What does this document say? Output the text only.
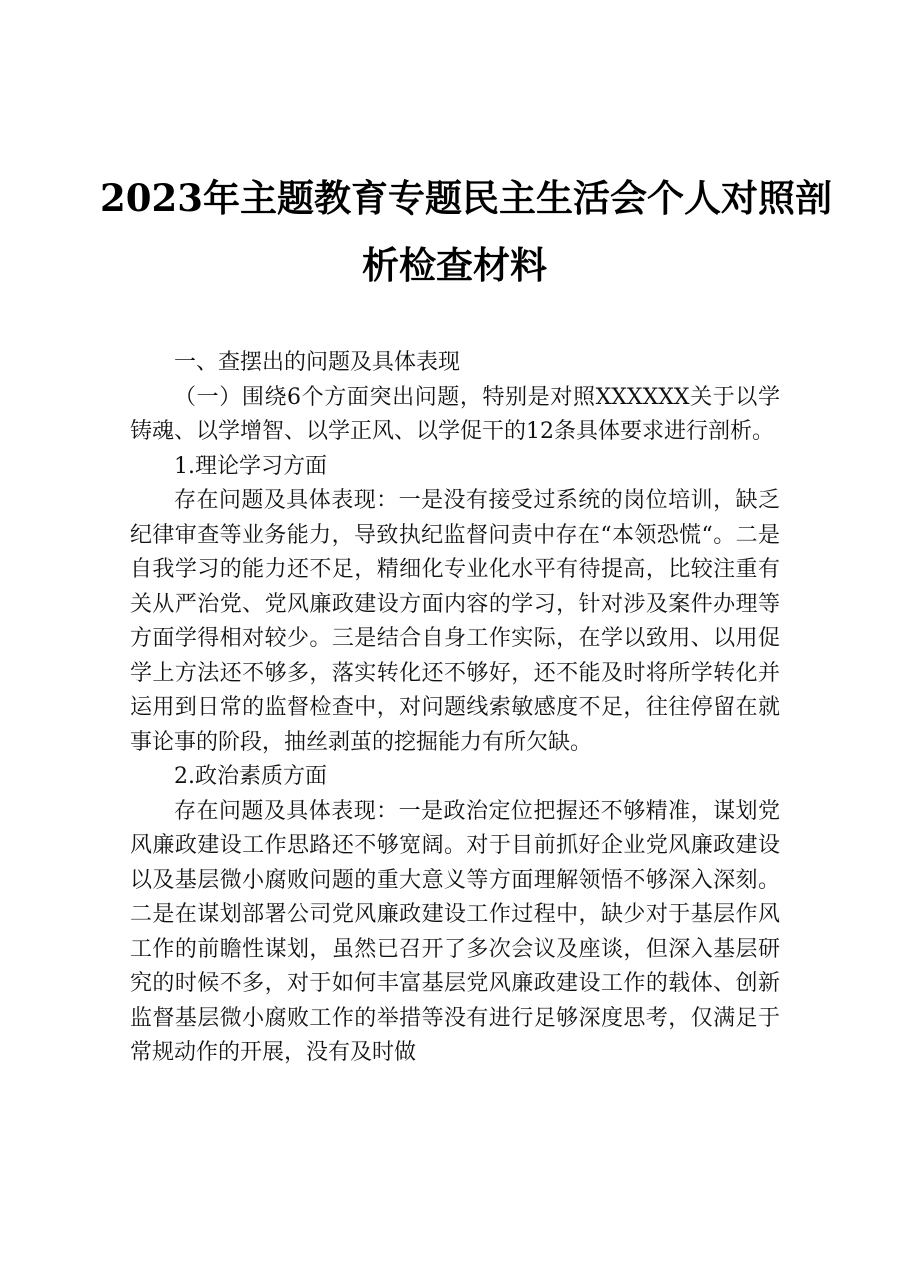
2023年主题教育专题民主生活会个人对照剖
析检查材料

一、查摆出的问题及具体表现

（一）围绕6个方面突出问题，特别是对照XXXXXX关于以学铸魂、以学增智、以学正风、以学促干的12条具体要求进行剖析。

1.理论学习方面

存在问题及具体表现：一是没有接受过系统的岗位培训，缺乏纪律审查等业务能力，导致执纪监督问责中存在“本领恐慌“。二是自我学习的能力还不足，精细化专业化水平有待提高，比较注重有关从严治党、党风廉政建设方面内容的学习，针对涉及案件办理等方面学得相对较少。三是结合自身工作实际，在学以致用、以用促学上方法还不够多，落实转化还不够好，还不能及时将所学转化并运用到日常的监督检查中，对问题线索敏感度不足，往往停留在就事论事的阶段，抽丝剥茧的挖掘能力有所欠缺。

2.政治素质方面

存在问题及具体表现：一是政治定位把握还不够精准，谋划党风廉政建设工作思路还不够宽阔。对于目前抓好企业党风廉政建设以及基层微小腐败问题的重大意义等方面理解领悟不够深入深刻。二是在谋划部署公司党风廉政建设工作过程中，缺少对于基层作风工作的前瞻性谋划，虽然已召开了多次会议及座谈，但深入基层研究的时候不多，对于如何丰富基层党风廉政建设工作的载体、创新监督基层微小腐败工作的举措等没有进行足够深度思考，仅满足于常规动作的开展，没有及时做
